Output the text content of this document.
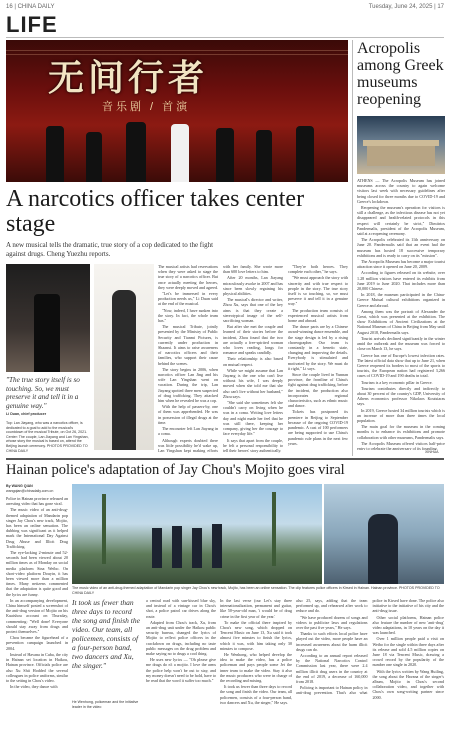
16 | CHINA DAILY	Tuesday, June 24, 2025 | 17
LIFE
无间行者
音乐剧 / 首演
A narcotics officer takes center stage
A new musical tells the dramatic, true story of a cop dedicated to the fight against drugs. Cheng Yuezhu reports.
"The true story itself is so touching. So, we must preserve it and tell it in a genuine way."
Li Duan, chief producer
Top: Lan Jiayang, who was a narcotics officer, is dedicated to a goal to add to the musical's countdown of the musical Tribute, on Oct 26, 2021. Center: The couple, Lan Jiayang and Lan Yingshan, whose story the musical is based on, attend the Beijing launch ceremony. PHOTOS PROVIDED TO CHINA DAILY

The musical artists had reservations when they were asked to stage the true story of a narcotics officer. But once actually meeting the heroes, they were deeply moved and agreed.

"Let's be immersed in every production needs us," Li Duan said at the end of the musical.

"Now, indeed, I have sunken into the story. In fact, the whole team has."

The musical Tribute, jointly presented by the Ministry of Public Security and Tianmi Pictures, is currently under production in Shaanxi. It aims to raise awareness of narcotics officers and their families, who support their cause behind the scenes.

The story begins in 2006, when narcotics officer Lan Jing and his wife Lan Yingshan went on vacation. During the trip, Lan Jiayang spotted three men suspected of drug trafficking. They attacked him when he revealed he was a cop.

With the help of passers-by, one of them was apprehended. He was in possession of illegal drugs at the time.

The encounter left Lan Jiayang in a coma.

Although experts doubted there was little possibility he'd wake up, Lan Yingshan kept making efforts with her family. She wrote more than 600 love letters to him.

After 20 months, Lan Jiayang miraculously awoke in 2007 and has since been slowly regaining his physical abilities.

The musical's director and writer, Zhou Xu, says that one of the key aims is that they create a stereotypical image of the self-sacrificing woman.

But after she met the couple and learned of their stories before the incident, Zhou found that the two are actually a free-spirited woman who loves reading, longs for romance and speaks candidly.

Their relationship is also based on mutual respect.

While we might assume that Lan Jiayang is the one who can't live without his wife, I was deeply moved when she told me that she also can't live without her husband," Zhou says.

"She said she sometimes felt she couldn't carry on living when he was in a coma. Writing love letters day and night made her feel that he was still there, keeping her company, giving her the courage to face everyday life."

It says that apart from the couple, he felt a personal responsibility to tell their heroes' story authentically.

"They're both heroes. They complete each other," he says.

"We must approach the story with sincerity and with true respect to people in the story. The true story itself is so touching, so, we must preserve it and tell it in a genuine way."

The production team consists of experienced musical artists from home and abroad.

The dance parts are by a Chinese award-winning dance ensemble, and the stage design is led by a rising choreographer. Our team is constantly in a frenetic state, changing and improving the details. Everybody is stimulated and motivated by the story. We must do it right," Li says.

Since the couple lived in Yunnan province, the frontline of China's fight against drug trafficking, before the incident, the production also incorporates regional characteristics, such as ethnic music and dance.

Tickets has postponed its premiere in Beijing to September because of the ongoing COVID-19 pandemic. A cast of 100 performers are being supported to use China's pandemic rule plans in the next few years.

Acropolis among Greek museums reopening

ATHENS — The Acropolis Museum has joined museums across the country to again welcome visitors last week with necessary guidelines after being closed for three months due to COVID-19 and Greece's lockdown.

Reopening the museum's operation for visitors is still a challenge, as the infectious disease has not yet disappeared and health-related protocols in this respect will certainly be strict," Dimitrios Pandermalis, president of the Acropolis Museum, said at a reopening ceremony.

The Acropolis celebrated its 11th anniversary on June 20. Pandermalis said that an event had the museum has hosted 18 successive temporary exhibitions and is ready to carry on its "mission".

The Acropolis Museum has become a major tourist attraction since it opened on June 20, 2009.

According to figures released on its website, over 1.28 million visitors have entered its exhibits from June 2019 to June 2020. That includes more than 20,000 Chinese.

In 2018, the museum participated in the China-Greece Mutual cultural exhibitions organized in Greece and abroad.

Among them was the portrait of Alexander the Great, which was presented at the exhibition. The show Exhibitions of Ancient Civilizations at the National Museum of China in Beijing from May until August 2018, Pandermalis says.

Tourist arrivals declined significantly in the winter amid the outbreak and the museum was forced to close on March 13, he says.

Greece has one of Europe's lowest infection rates. The latest official data show that up to June 21, when Greece reopened its borders to most of the sports to tourists, the European nation had registered 3,266 cases of COVID-19 and 190 deaths in total.

Tourism is a key economic pillar in Greece.

Tourism contributes directly and indirectly to about 30 percent of the country's GDP, University of Athens economics professor Nikolaos Koutsiaras says.

In 2019, Greece hosted 34 million tourists which is an increase of more than three times the local population.

The main goal for the museum in the coming months is to enhance its exhibitions and promote collaboration with other museums, Pandermalis says.

The Acropolis Museum offered visitors half-price entry to celebrate the anniversary of its founding.

XINHUA
Hainan police's adaptation of Jay Chou's Mojito goes viral
By WANG QIAN
wangqian@chinadaily.com.cn

Police in Hainan province released an arresting video that has gone viral.

The music video of an anti-drug-themed adaptation of Mandarin pop singer Jay Chou's new track, Mojito, has been an online sensation. The dubbing was significant as it helped mark the International Day Against Drug Abuse and Illicit Drug Trafficking.

The eye-lacking 2-minute and 52-seconds had been viewed about 20 million times as of Monday on social media platform Sina Weibo. On short-video platform Douyin, it has been viewed more than a million times. Many netizens commented that the adaptation is quite good and the lyrics are funny.

In an accompanying development, China himself posted a screenshot of the anti-drug version of Mojito on his Kuaishou account on Thursday, commenting: "Well done! Everyone should stay away from drugs and protect themselves."

Chou became the figurehead of a prevention campaign launched in 2004.

Instead of Havana in Cuba, the city in Hainan set location in Haikou, Hainan province. Officials police are also Xu Shii Hodded the several colleagues in police uniforms, similar to the setting in Chou's video.

In the video, they dance with

The music video of an anti-drug-themed adaptation of Mandarin pop singer Jay Chou's new track, Mojito, has been an online sensation. The clip features police officers in Kirsed in Hainan. Hainan province. PHOTOS PROVIDED TO CHINA DAILY
It took us fewer than three days to record the song and finish the video. Our team, all policemen, consists of a four-person band, two dancers and Xu, the singer."
He Wenhong, policeman and the initiative leader in the video

a central road with sun-kissed blue sky, and instead of a vintage car in Chou's shot, a police patrol car drives along the route.

Adapted from Chou's track, Xu, from an anti-drug unit under the Haikou public security bureau, changed the lyrics of Mojito to reflect police officers in the crackdown on drugs, including no taste public messages on the drug problem and make saying no to drugs a cool thing.

He uses new lyrics — "Oh please give me drugs do n't a mojito. I love the arms the police help won't be out to stay, and my money doesn't need to be hold, have to be read that the word it suffer too much."

In the last verse (our Let's stay three internationalization, permanent and guitar, like 50-year-old man, 'i would be of drug crime in the first year of the year.'

To make the official there inspired by Chou's new song, which dropped on Tencent Music on June 13, Xu said it took almost five minutes to finish the lyrics, which it was, with him taking only 30 minutes to compose.

He Wenhong, who helped develop the idea to make the video, has a police policeman and pays people some Jet the inner team to make the video. Stay it also the music producers who were in charge of the recording and mixing.

It took us fewer than three days to record the song and finish the video. Our team, all policemen, consists of a four-person band, two dancers and Xu, the singer," He says.

also 25, says, adding that the team performed up, and rehearsed after work to reduce and do.

"We have produced dozens of songs and videos to publicize laws and regulations over the past five years," He says.

Thanks to such efforts local police have played out the video, more people have an increased awareness about the harm illicit drugs can do.

According to an annual report released by the National Narcotics Control Commission last year, there were 2.4 million illicit drug users in the country at the end of 2019, a decrease of 160,000 from 2018.

Policing is important to Hainan policy in anti-drug prevention. That's also what police in Kirsed have done. The police also initiative to the initiative of his city and the anti-drug issue.

Other social platforms, Hainan police also feature the number of new 'anti-drug' video adaptations, in 10 years on the day it was launched.

Over 1 million people paid a visit on Weibo for the single within three days after its release and sold 4.5 million copies on June 18 via Tencent Music, drawing a crowd record by the popularity of the number one single in 2020.

With the lyrics written by Wang Huiling, the song about the Havana of the singer's album, Mojito in Chou's second collaboration video, and together with Chou's own song-writing partner since 2000.
